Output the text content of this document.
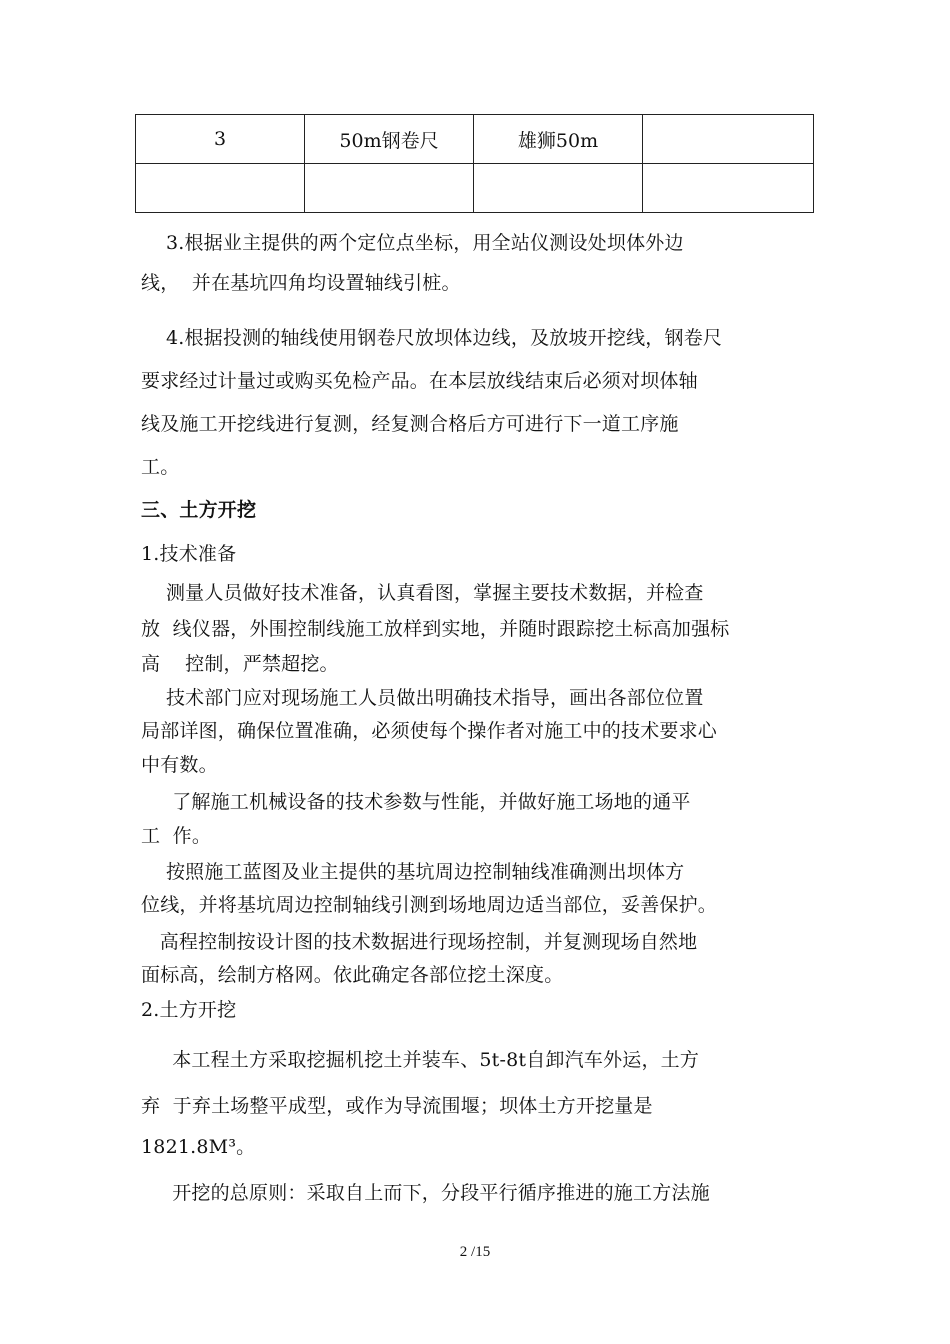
3	50m钢卷尺	雄狮50m	

3.根据业主提供的两个定位点坐标，用全站仪测设处坝体外边
线，  并在基坑四角均设置轴线引桩。
4.根据投测的轴线使用钢卷尺放坝体边线，及放坡开挖线，钢卷尺
要求经过计量过或购买免检产品。在本层放线结束后必须对坝体轴
线及施工开挖线进行复测，经复测合格后方可进行下一道工序施
工。
三、土方开挖
1.技术准备
测量人员做好技术准备，认真看图，掌握主要技术数据，并检查
放  线仪器，外围控制线施工放样到实地，并随时跟踪挖土标高加强标
高    控制，严禁超挖。
技术部门应对现场施工人员做出明确技术指导，画出各部位位置
局部详图，确保位置准确，必须使每个操作者对施工中的技术要求心
中有数。
了解施工机械设备的技术参数与性能，并做好施工场地的通平
工  作。
按照施工蓝图及业主提供的基坑周边控制轴线准确测出坝体方
位线，并将基坑周边控制轴线引测到场地周边适当部位，妥善保护。
高程控制按设计图的技术数据进行现场控制，并复测现场自然地
面标高，绘制方格网。依此确定各部位挖土深度。
2.土方开挖
本工程土方采取挖掘机挖土并装车、5t-8t自卸汽车外运，土方
弃  于弃土场整平成型，或作为导流围堰；坝体土方开挖量是
1821.8M³。
开挖的总原则：采取自上而下，分段平行循序推进的施工方法施
2 /15
